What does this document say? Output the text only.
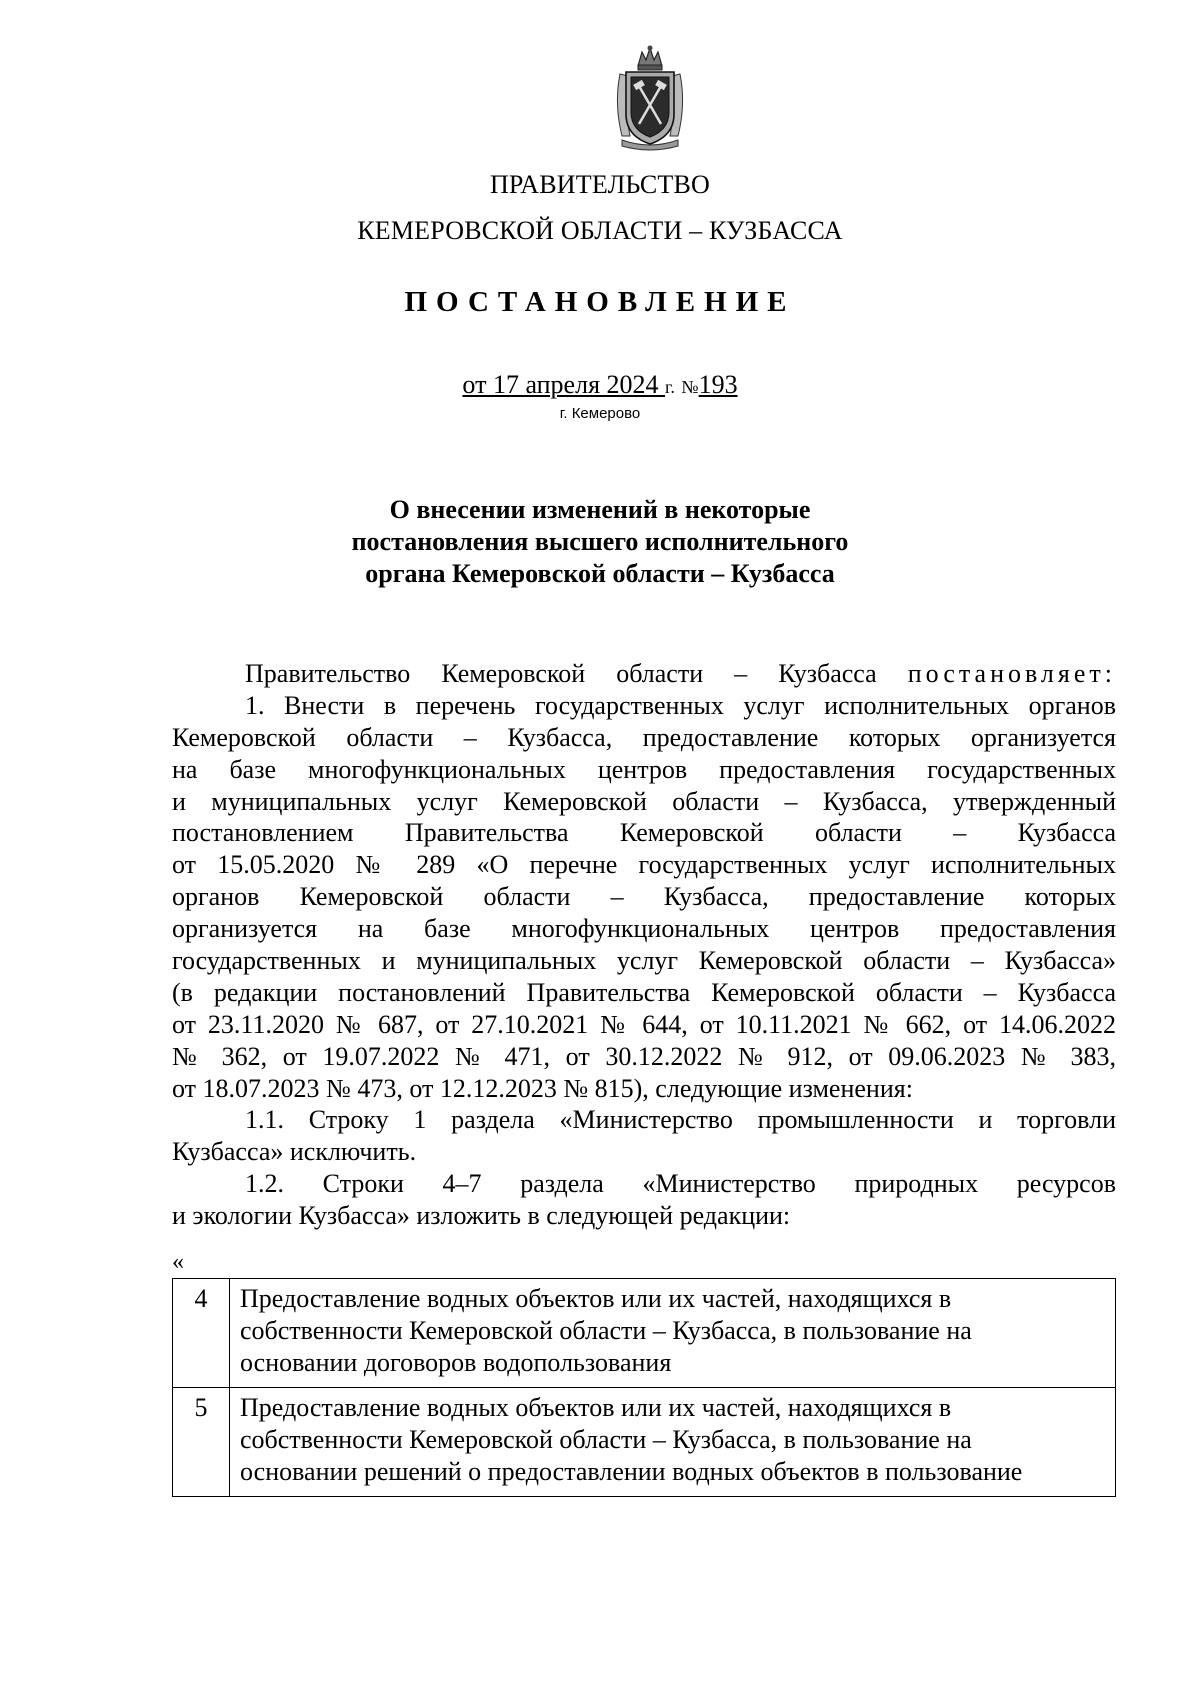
ПРАВИТЕЛЬСТВО
КЕМЕРОВСКОЙ ОБЛАСТИ – КУЗБАССА
ПОСТАНОВЛЕНИЕ
от 17 апреля 2024 г. №193
г. Кемерово
О внесении изменений в некоторые
постановления высшего исполнительного
органа Кемеровской области – Кузбасса
Правительство Кемеровской области – Кузбасса постановляет:
1. Внести в перечень государственных услуг исполнительных органов
Кемеровской области – Кузбасса, предоставление которых организуется
на базе многофункциональных центров предоставления государственных
и муниципальных услуг Кемеровской области – Кузбасса, утвержденный
постановлением Правительства Кемеровской области – Кузбасса
от 15.05.2020 № 289 «О перечне государственных услуг исполнительных
органов Кемеровской области – Кузбасса, предоставление которых
организуется на базе многофункциональных центров предоставления
государственных и муниципальных услуг Кемеровской области – Кузбасса»
(в редакции постановлений Правительства Кемеровской области – Кузбасса
от 23.11.2020 № 687, от 27.10.2021 № 644, от 10.11.2021 № 662, от 14.06.2022
№ 362, от 19.07.2022 № 471, от 30.12.2022 № 912, от 09.06.2023 № 383,
от 18.07.2023 № 473, от 12.12.2023 № 815), следующие изменения:
1.1. Строку 1 раздела «Министерство промышленности и торговли
Кузбасса» исключить.
1.2. Строки 4–7 раздела «Министерство природных ресурсов
и экологии Кузбасса» изложить в следующей редакции:
«
4	Предоставление водных объектов или их частей, находящихся в
собственности Кемеровской области – Кузбасса, в пользование на
основании договоров водопользования

5	Предоставление водных объектов или их частей, находящихся в
собственности Кемеровской области – Кузбасса, в пользование на
основании решений о предоставлении водных объектов в пользование
